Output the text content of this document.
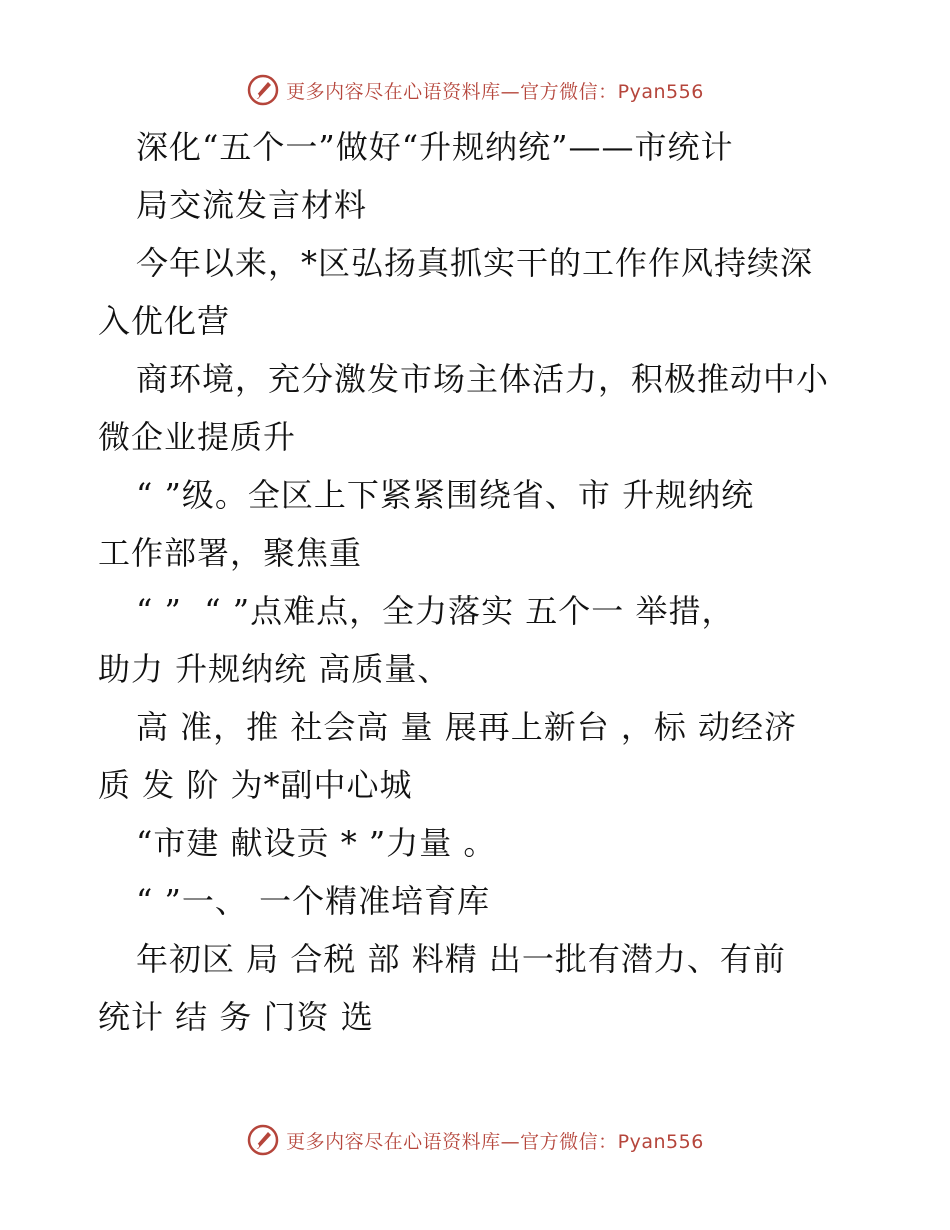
更多内容尽在心语资料库—官方微信：Pyan556
深化“五个一”做好“升规纳统”——市统计
局交流发言材料
今年以来，*区弘扬真抓实干的工作作风持续深
入优化营
商环境，充分激发市场主体活力，积极推动中小
微企业提质升
“ ”级。全区上下紧紧围绕省、市 升规纳统
工作部署，聚焦重
“ ”  “ ”点难点，全力落实 五个一 举措，
助力 升规纳统 高质量、
高 准，推 社会高 量 展再上新台 ，标 动经济
质 发 阶 为*副中心城
“市建 献设贡 * ”力量 。
“ ”一、 一个精准培育库
年初区 局 合税 部 料精 出一批有潜力、有前
统计 结 务 门资 选
更多内容尽在心语资料库—官方微信：Pyan556
